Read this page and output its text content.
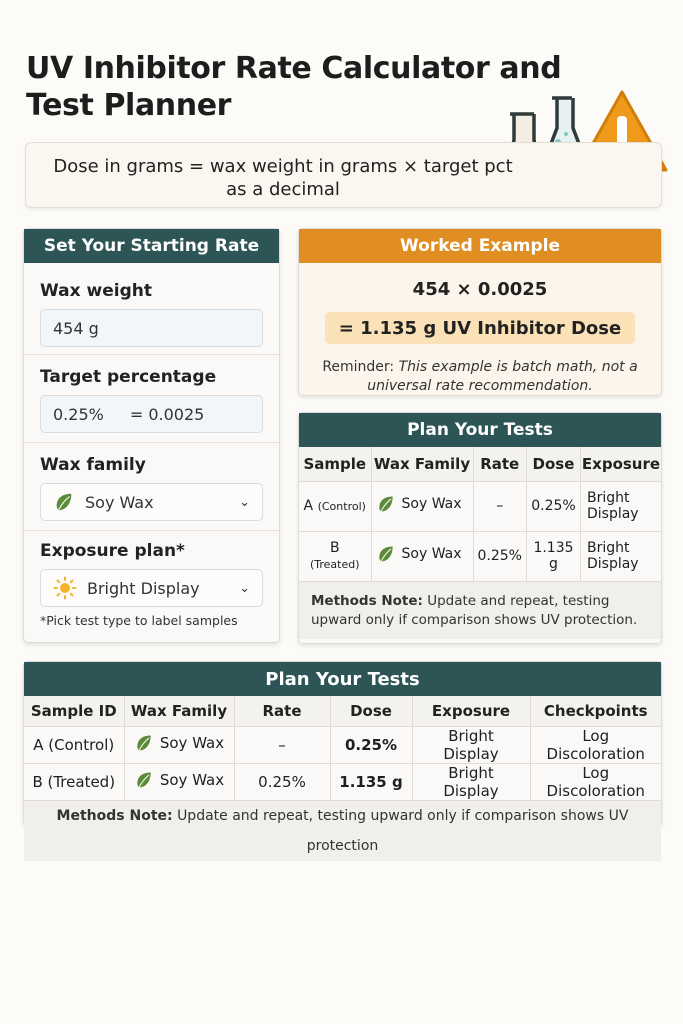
UV Inhibitor Rate Calculator and Test Planner
Dose in grams = wax weight in grams × target pct as a decimal
Set Your Starting Rate
Wax weight
454 g
Target percentage
0.25% = 0.0025
Wax family
Soy Wax	⌄
Exposure plan*
Bright Display	⌄
*Pick test type to label samples
Worked Example
454 × 0.0025
= 1.135 g UV Inhibitor Dose
Reminder: This example is batch math, not a universal rate recommendation.
Plan Your Tests
Sample	Wax Family	Rate	Dose	Exposure
A (Control)	Soy Wax	–	0.25%	Bright Display
B (Treated)	Soy Wax	0.25%	1.135 g	Bright Display
Methods Note: Update and repeat, testing upward only if comparison shows UV protection.
Plan Your Tests
Sample ID	Wax Family	Rate	Dose	Exposure	Checkpoints
A (Control)	Soy Wax	–	0.25%	Bright Display	Log Discoloration
B (Treated)	Soy Wax	0.25%	1.135 g	Bright Display	Log Discoloration
Methods Note: Update and repeat, testing upward only if comparison shows UV protection
